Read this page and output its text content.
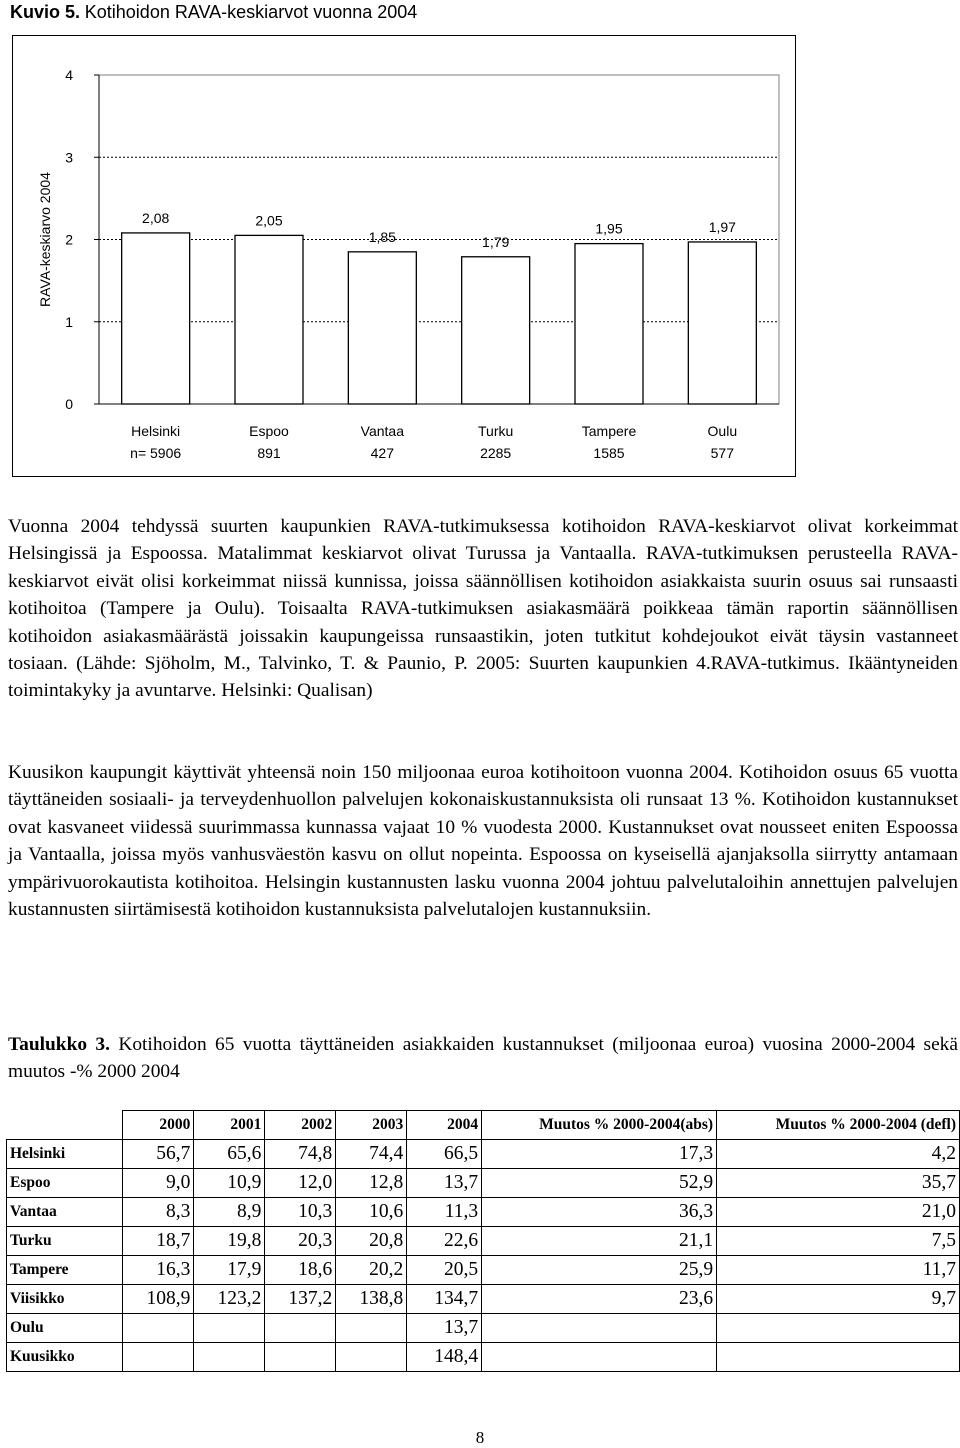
Kuvio 5. Kotihoidon RAVA-keskiarvot vuonna 2004
0
1
2
3
4
RAVA-keskiarvo 2004	2,08
Helsinki
n= 5906
2,05
Espoo
891
1,85
Vantaa
427
1,79
Turku
2285
1,95
Tampere
1585
1,97
Oulu
577

Vuonna 2004 tehdyssä suurten kaupunkien RAVA-tutkimuksessa kotihoidon RAVA-keskiarvot olivat korkeimmat Helsingissä ja Espoossa. Matalimmat keskiarvot olivat Turussa ja Vantaalla. RAVA-tutkimuksen perusteella RAVA-keskiarvot eivät olisi korkeimmat niissä kunnissa, joissa säännöllisen kotihoidon asiakkaista suurin osuus sai runsaasti kotihoitoa (Tampere ja Oulu). Toisaalta RAVA-tutkimuksen asiakasmäärä poikkeaa tämän raportin säännöllisen kotihoidon asiakasmäärästä joissakin kaupungeissa runsaastikin, joten tutkitut kohdejoukot eivät täysin vastanneet tosiaan. (Lähde: Sjöholm, M., Talvinko, T. & Paunio, P. 2005: Suurten kaupunkien 4.RAVA-tutkimus. Ikääntyneiden toimintakyky ja avuntarve. Helsinki: Qualisan)

Kuusikon kaupungit käyttivät yhteensä noin 150 miljoonaa euroa kotihoitoon vuonna 2004. Kotihoidon osuus 65 vuotta täyttäneiden sosiaali- ja terveydenhuollon palvelujen kokonaiskustannuksista oli runsaat 13 %. Kotihoidon kustannukset ovat kasvaneet viidessä suurimmassa kunnassa vajaat 10 % vuodesta 2000. Kustannukset ovat nousseet eniten Espoossa ja Vantaalla, joissa myös vanhusväestön kasvu on ollut nopeinta. Espoossa on kyseisellä ajanjaksolla siirrytty antamaan ympärivuorokautista kotihoitoa. Helsingin kustannusten lasku vuonna 2004 johtuu palvelutaloihin annettujen palvelujen kustannusten siirtämisestä kotihoidon kustannuksista palvelutalojen kustannuksiin.

Taulukko 3. Kotihoidon 65 vuotta täyttäneiden asiakkaiden kustannukset (miljoonaa euroa) vuosina 2000-2004 sekä muutos -% 2000 2004

	2000	2001	2002	2003	2004	Muutos % 2000-2004(abs)	Muutos % 2000-2004 (defl)
Helsinki	56,7	65,6	74,8	74,4	66,5	17,3	4,2
Espoo	9,0	10,9	12,0	12,8	13,7	52,9	35,7
Vantaa	8,3	8,9	10,3	10,6	11,3	36,3	21,0
Turku	18,7	19,8	20,3	20,8	22,6	21,1	7,5
Tampere	16,3	17,9	18,6	20,2	20,5	25,9	11,7
Viisikko	108,9	123,2	137,2	138,8	134,7	23,6	9,7
Oulu					13,7		
Kuusikko					148,4		
8
